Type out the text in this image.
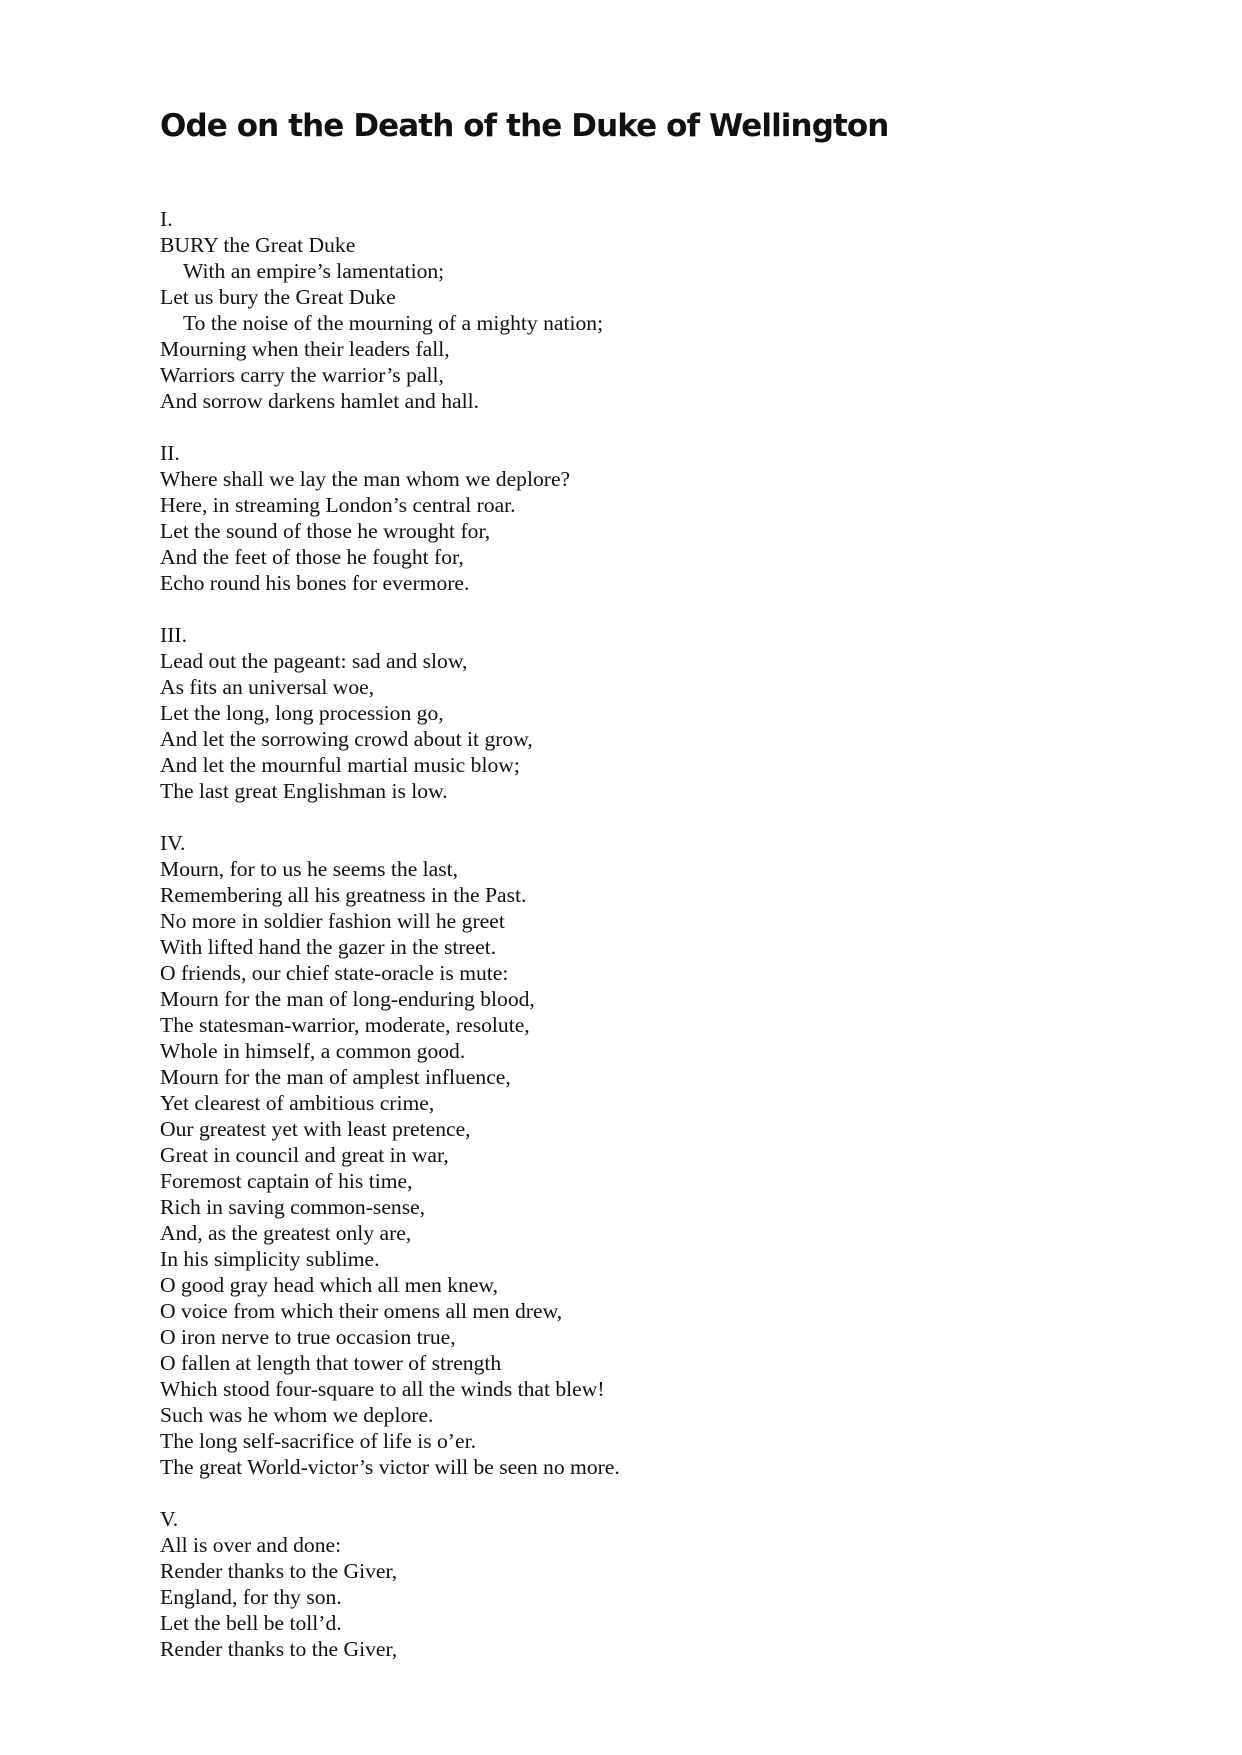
Ode on the Death of the Duke of Wellington
I.
BURY the Great Duke
With an empire’s lamentation;
Let us bury the Great Duke
To the noise of the mourning of a mighty nation;
Mourning when their leaders fall,
Warriors carry the warrior’s pall,
And sorrow darkens hamlet and hall.
II.
Where shall we lay the man whom we deplore?
Here, in streaming London’s central roar.
Let the sound of those he wrought for,
And the feet of those he fought for,
Echo round his bones for evermore.
III.
Lead out the pageant: sad and slow,
As fits an universal woe,
Let the long, long procession go,
And let the sorrowing crowd about it grow,
And let the mournful martial music blow;
The last great Englishman is low.
IV.
Mourn, for to us he seems the last,
Remembering all his greatness in the Past.
No more in soldier fashion will he greet
With lifted hand the gazer in the street.
O friends, our chief state-oracle is mute:
Mourn for the man of long-enduring blood,
The statesman-warrior, moderate, resolute,
Whole in himself, a common good.
Mourn for the man of amplest influence,
Yet clearest of ambitious crime,
Our greatest yet with least pretence,
Great in council and great in war,
Foremost captain of his time,
Rich in saving common-sense,
And, as the greatest only are,
In his simplicity sublime.
O good gray head which all men knew,
O voice from which their omens all men drew,
O iron nerve to true occasion true,
O fallen at length that tower of strength
Which stood four-square to all the winds that blew!
Such was he whom we deplore.
The long self-sacrifice of life is o’er.
The great World-victor’s victor will be seen no more.
V.
All is over and done:
Render thanks to the Giver,
England, for thy son.
Let the bell be toll’d.
Render thanks to the Giver,
